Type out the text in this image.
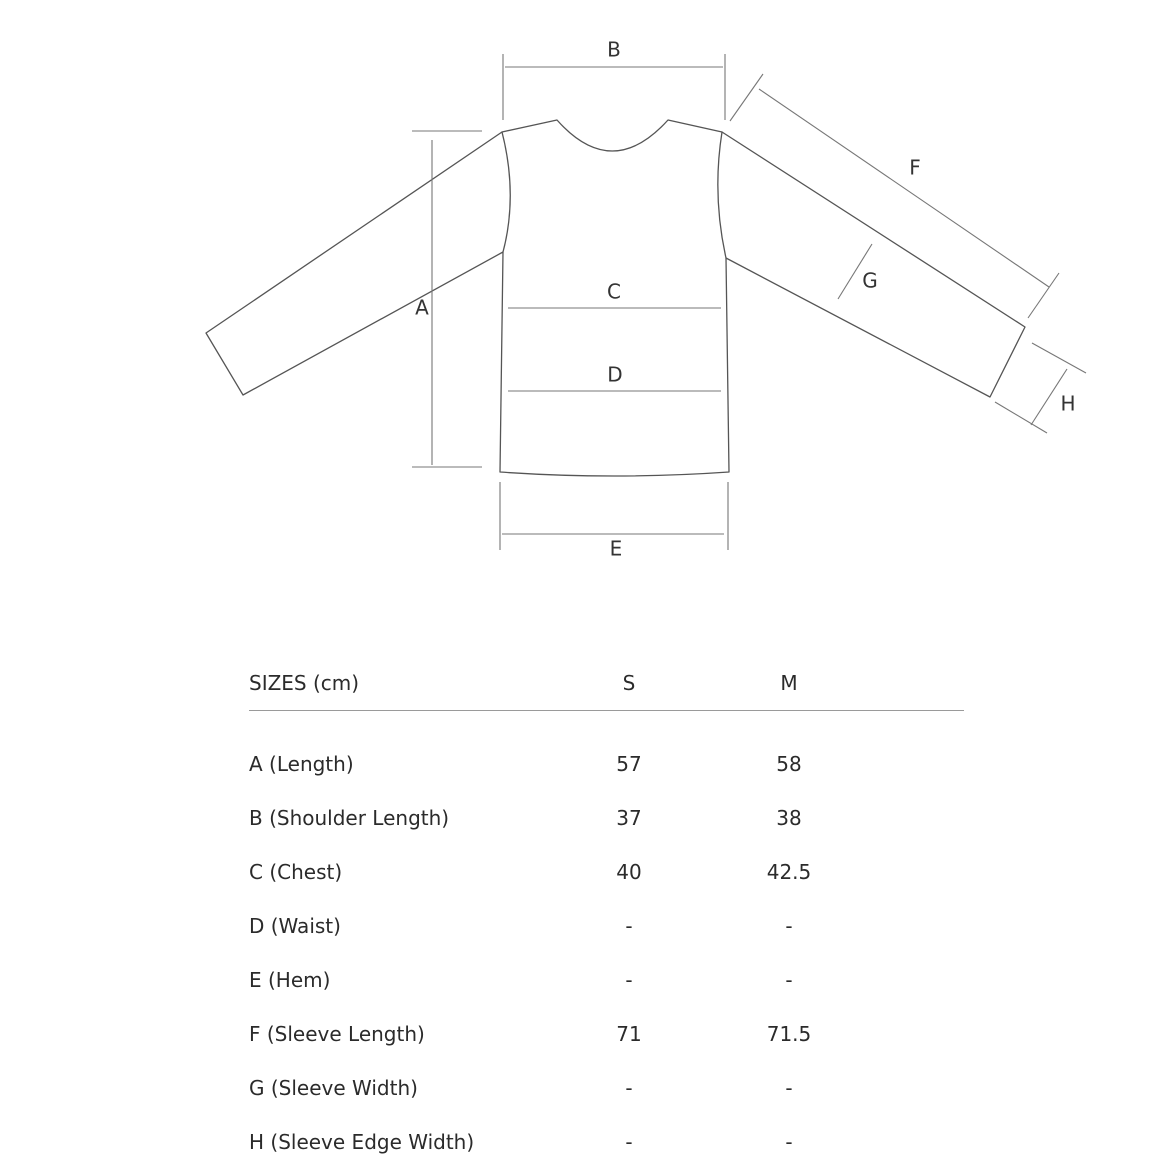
A
B
C
D
E
F
G
H
SIZES (cm)	S	M
A (Length)	57	58
B (Shoulder Length)	37	38
C (Chest)	40	42.5
D (Waist)	-	-
E (Hem)	-	-
F (Sleeve Length)	71	71.5
G (Sleeve Width)	-	-
H (Sleeve Edge Width)	-	-
